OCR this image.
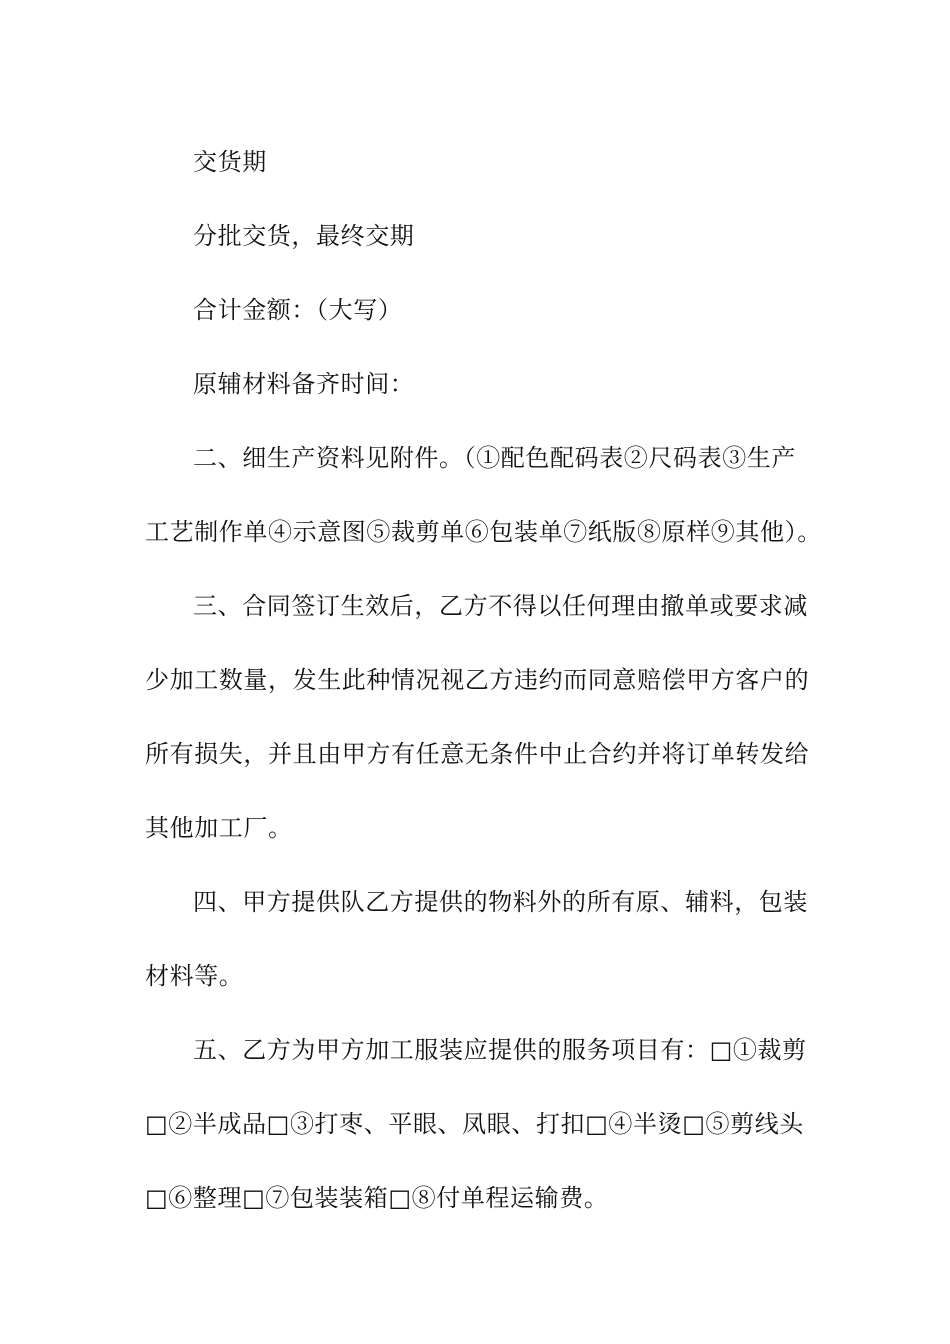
交货期
分批交货，最终交期
合计金额：（大写）
原辅材料备齐时间：
二、细生产资料见附件。（①配色配码表②尺码表③生产
工艺制作单④示意图⑤裁剪单⑥包装单⑦纸版⑧原样⑨其他）。
三、合同签订生效后，乙方不得以任何理由撤单或要求减
少加工数量，发生此种情况视乙方违约而同意赔偿甲方客户的
所有损失，并且由甲方有任意无条件中止合约并将订单转发给
其他加工厂。
四、甲方提供队乙方提供的物料外的所有原、辅料，包装
材料等。
五、乙方为甲方加工服装应提供的服务项目有：□①裁剪
□②半成品□③打枣、平眼、凤眼、打扣□④半烫□⑤剪线头
□⑥整理□⑦包装装箱□⑧付单程运输费。
